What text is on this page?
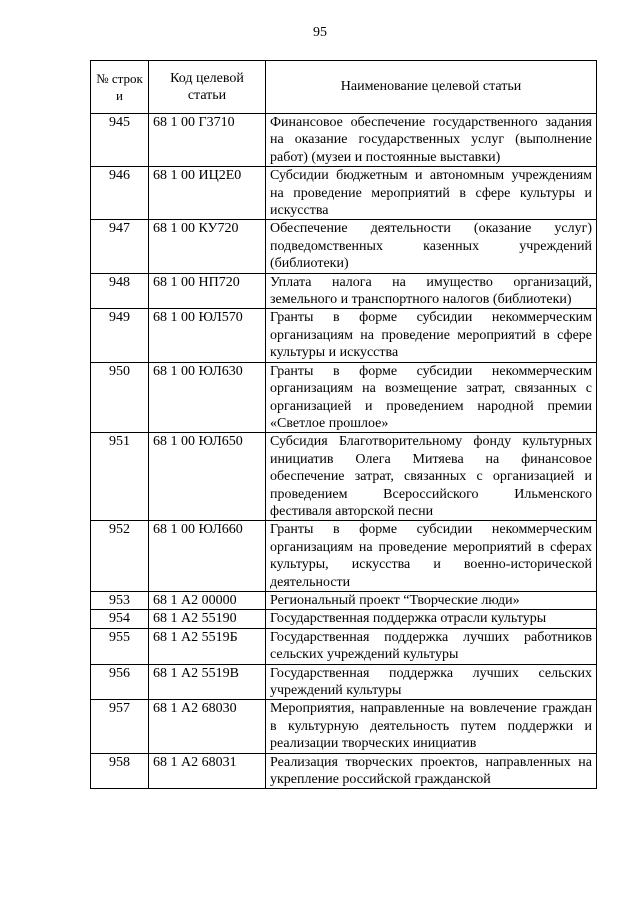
95
№ строк и	Код целевой статьи	Наименование целевой статьи
945	68 1 00 Г3710	Финансовое обеспечение государственного задания на оказание государственных услуг (выполнение работ) (музеи и постоянные выставки)
946	68 1 00 ИЦ2Е0	Субсидии бюджетным и автономным учреждениям на проведение мероприятий в сфере культуры и искусства
947	68 1 00 КУ720	Обеспечение деятельности (оказание услуг) подведомственных казенных учреждений (библиотеки)
948	68 1 00 НП720	Уплата налога на имущество организаций, земельного и транспортного налогов (библиотеки)
949	68 1 00 ЮЛ570	Гранты в форме субсидии некоммерческим организациям на проведение мероприятий в сфере культуры и искусства
950	68 1 00 ЮЛ630	Гранты в форме субсидии некоммерческим организациям на возмещение затрат, связанных с организацией и проведением народной премии «Светлое прошлое»
951	68 1 00 ЮЛ650	Субсидия Благотворительному фонду культурных инициатив Олега Митяева на финансовое обеспечение затрат, связанных с организацией и проведением Всероссийского Ильменского фестиваля авторской песни
952	68 1 00 ЮЛ660	Гранты в форме субсидии некоммерческим организациям на проведение мероприятий в сферах культуры, искусства и военно-исторической деятельности
953	68 1 А2 00000	Региональный проект “Творческие люди»
954	68 1 А2 55190	Государственная поддержка отрасли культуры
955	68 1 А2 5519Б	Государственная поддержка лучших работников сельских учреждений культуры
956	68 1 А2 5519В	Государственная поддержка лучших сельских учреждений культуры
957	68 1 А2 68030	Мероприятия, направленные на вовлечение граждан в культурную деятельность путем поддержки и реализации творческих инициатив
958	68 1 А2 68031	Реализация творческих проектов, направленных на укрепление российской гражданской
